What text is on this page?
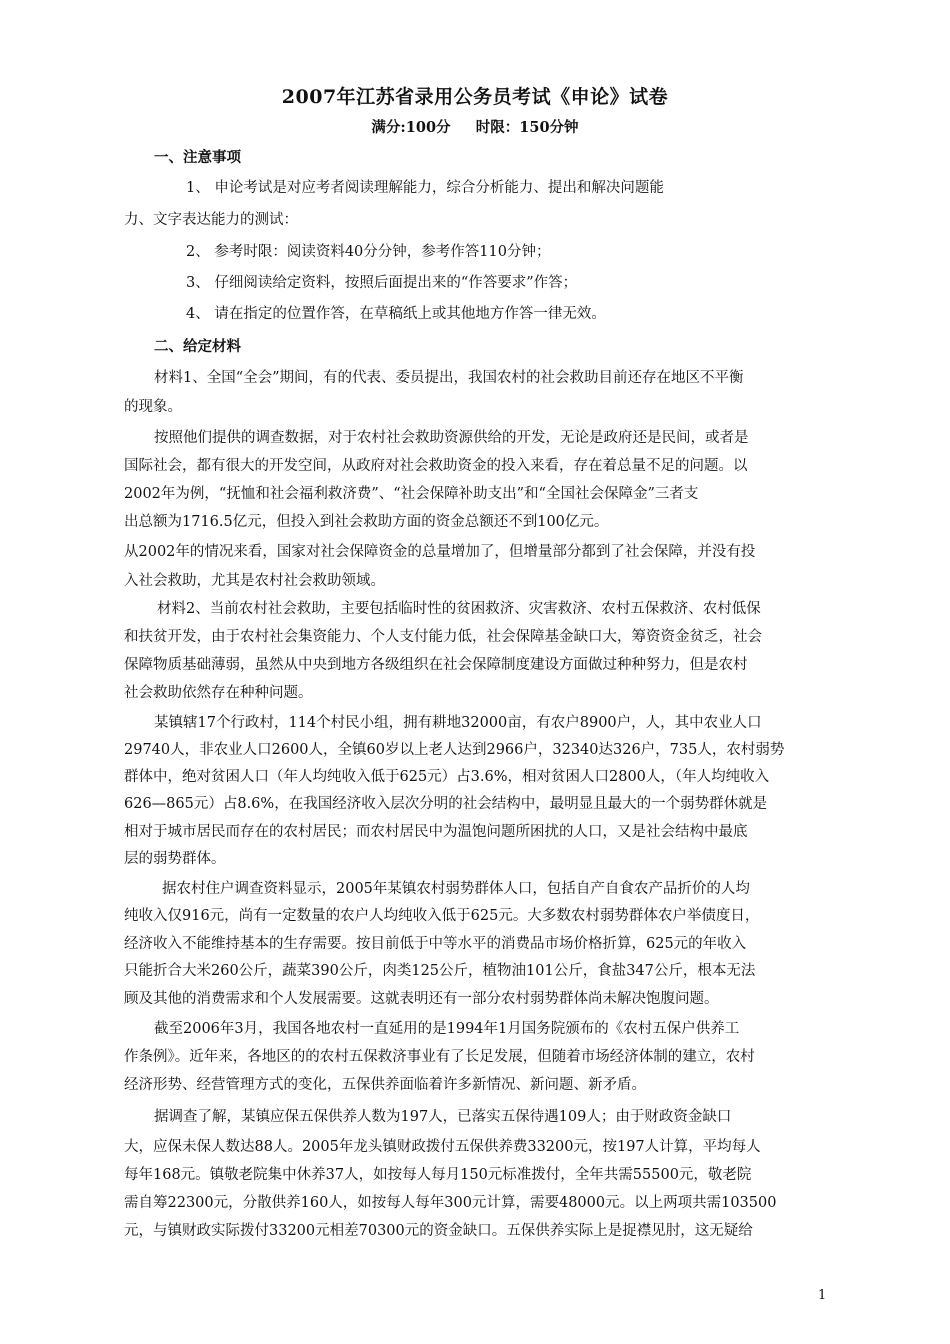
2007年江苏省录用公务员考试《申论》试卷
满分:100分     时限：150分钟
一、注意事项
1、 申论考试是对应考者阅读理解能力，综合分析能力、提出和解决问题能
力、文字表达能力的测试：
2、 参考时限：阅读资料40分分钟，参考作答110分钟；
3、 仔细阅读给定资料，按照后面提出来的“作答要求”作答；
4、 请在指定的位置作答，在草稿纸上或其他地方作答一律无效。
二、给定材料
材料1、全国“全会”期间，有的代表、委员提出，我国农村的社会救助目前还存在地区不平衡
的现象。
按照他们提供的调查数据，对于农村社会救助资源供给的开发，无论是政府还是民间，或者是
国际社会，都有很大的开发空间，从政府对社会救助资金的投入来看，存在着总量不足的问题。以
2002年为例，“抚恤和社会福利救济费”、“社会保障补助支出”和“全国社会保障金”三者支
出总额为1716.5亿元，但投入到社会救助方面的资金总额还不到100亿元。
从2002年的情况来看，国家对社会保障资金的总量增加了，但增量部分都到了社会保障，并没有投
入社会救助，尤其是农村社会救助领域。
材料2、当前农村社会救助，主要包括临时性的贫困救济、灾害救济、农村五保救济、农村低保
和扶贫开发，由于农村社会集资能力、个人支付能力低，社会保障基金缺口大，筹资资金贫乏，社会
保障物质基础薄弱，虽然从中央到地方各级组织在社会保障制度建设方面做过种种努力，但是农村
社会救助依然存在种种问题。
某镇辖17个行政村，114个村民小组，拥有耕地32000亩，有农户8900户，人，其中农业人口
29740人，非农业人口2600人，全镇60岁以上老人达到2966户，32340达326户，735人，农村弱势
群体中，绝对贫困人口（年人均纯收入低于625元）占3.6%，相对贫困人口2800人，（年人均纯收入
626—865元）占8.6%，在我国经济收入层次分明的社会结构中，最明显且最大的一个弱势群休就是
相对于城市居民而存在的农村居民；而农村居民中为温饱问题所困扰的人口，又是社会结构中最底
层的弱势群体。
据农村住户调查资料显示，2005年某镇农村弱势群体人口，包括自产自食农产品折价的人均
纯收入仅916元，尚有一定数量的农户人均纯收入低于625元。大多数农村弱势群体农户举债度日，
经济收入不能维持基本的生存需要。按目前低于中等水平的消费品市场价格折算，625元的年收入
只能折合大米260公斤，蔬菜390公斤，肉类125公斤，植物油101公斤，食盐347公斤，根本无法
顾及其他的消费需求和个人发展需要。这就表明还有一部分农村弱势群体尚未解决饱腹问题。
截至2006年3月，我国各地农村一直延用的是1994年1月国务院颁布的《农村五保户供养工
作条例》。近年来，各地区的的农村五保救济事业有了长足发展，但随着市场经济体制的建立，农村
经济形势、经营管理方式的变化，五保供养面临着许多新情况、新问题、新矛盾。
据调查了解，某镇应保五保供养人数为197人，已落实五保待遇109人；由于财政资金缺口
大，应保未保人数达88人。2005年龙头镇财政拨付五保供养费33200元，按197人计算，平均每人
每年168元。镇敬老院集中休养37人，如按每人每月150元标准拨付，全年共需55500元，敬老院
需自筹22300元，分散供养160人，如按每人每年300元计算，需要48000元。以上两项共需103500
元，与镇财政实际拨付33200元相差70300元的资金缺口。五保供养实际上是捉襟见肘，这无疑给
1
